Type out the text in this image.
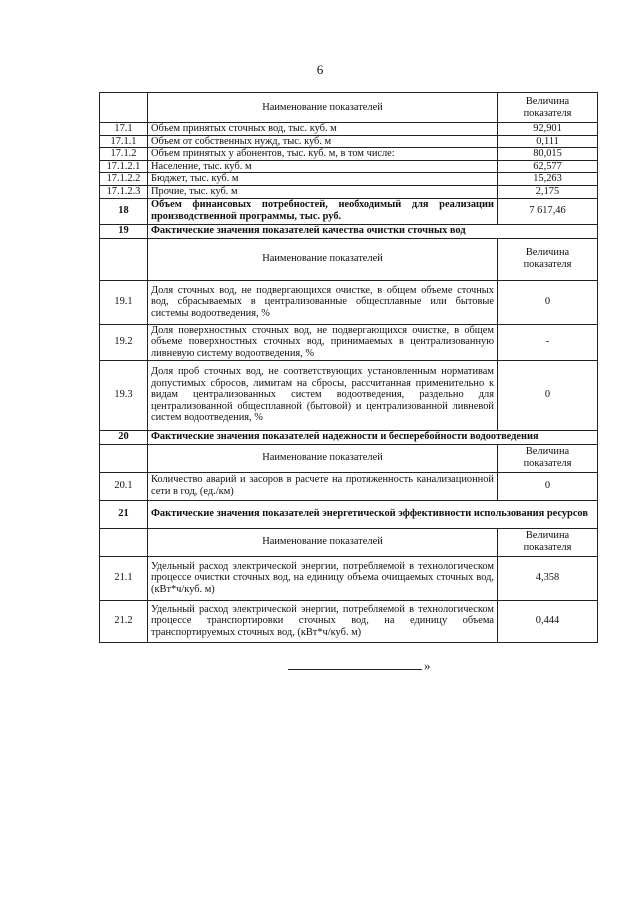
6
	Наименование показателей	Величина показателя
17.1	Объем принятых сточных вод, тыс. куб. м	92,901
17.1.1	Объем от собственных нужд, тыс. куб. м	0,111
17.1.2	Объем принятых у абонентов, тыс. куб. м, в том числе:	80,015
17.1.2.1	Население, тыс. куб. м	62,577
17.1.2.2	Бюджет, тыс. куб. м	15,263
17.1.2.3	Прочие, тыс. куб. м	2,175
18	Объем финансовых потребностей, необходимый для реализации производственной программы, тыс. руб.	7 617,46
19	Фактические значения показателей качества очистки сточных вод	
	Наименование показателей	Величина показателя
19.1	Доля сточных вод, не подвергающихся очистке, в общем объеме сточных вод, сбрасываемых в централизованные общесплавные или бытовые системы водоотведения, %	0
19.2	Доля поверхностных сточных вод, не подвергающихся очистке, в общем объеме поверхностных сточных вод, принимаемых в централизованную ливневую систему водоотведения, %	-
19.3	Доля проб сточных вод, не соответствующих установленным нормативам допустимых сбросов, лимитам на сбросы, рассчитанная применительно к видам централизованных систем водоотведения, раздельно для централизованной общесплавной (бытовой) и централизованной ливневой систем водоотведения, %	0
20	Фактические значения показателей надежности и бесперебойности водоотведения	
	Наименование показателей	Величина показателя
20.1	Количество аварий и засоров в расчете на протяженность канализационной сети в год, (ед./км)	0
21	Фактические значения показателей энергетической эффективности использования ресурсов	
	Наименование показателей	Величина показателя
21.1	Удельный расход электрической энергии, потребляемой в технологическом процессе очистки сточных вод, на единицу объема очищаемых сточных вод, (кВт*ч/куб. м)	4,358
21.2	Удельный расход электрической энергии, потребляемой в технологическом процессе транспортировки сточных вод, на единицу объема транспортируемых сточных вод, (кВт*ч/куб. м)	0,444
»
